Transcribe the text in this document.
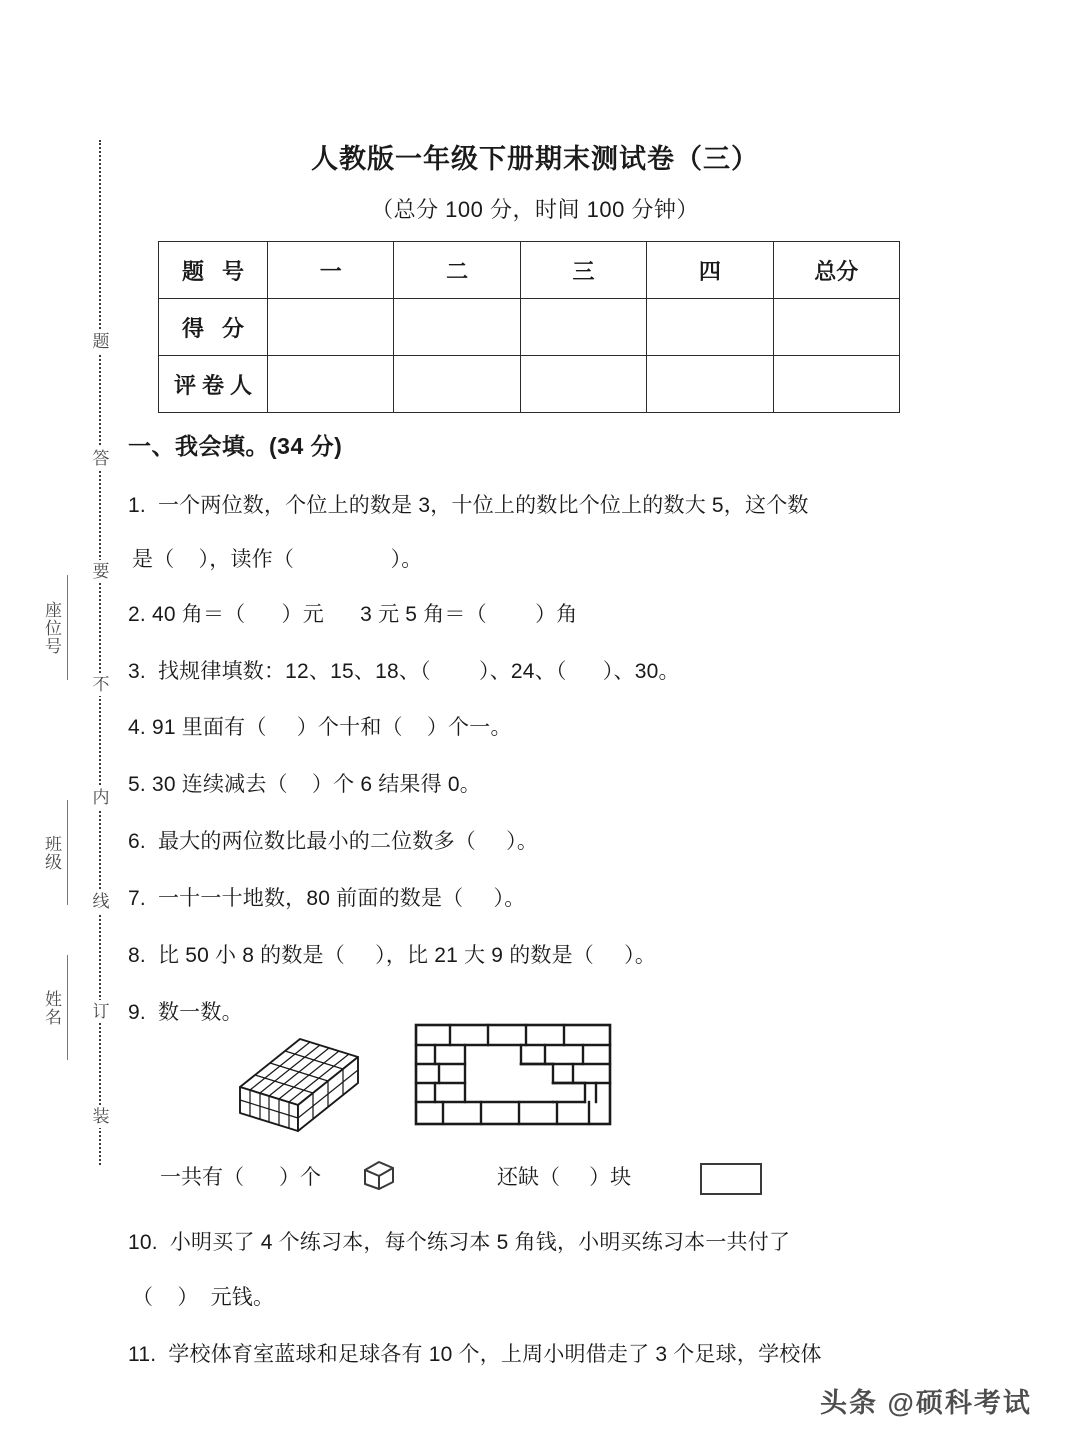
题
答
要
不
内
线
订
装
座位号
班级
姓名
人教版一年级下册期末测试卷（三）
（总分 100 分，时间 100 分钟）
题 号	一	二	三	四	总分
得 分					
评卷人					
一、我会填。(34 分)
1.  一个两位数，个位上的数是 3，十位上的数比个位上的数大 5，这个数
是（    ），读作（                ）。
2. 40 角＝（      ）元      3 元 5 角＝（        ）角
3.  找规律填数：12、15、18、（        ）、24、（      ）、30。
4. 91 里面有（     ）个十和（    ）个一。
5. 30 连续减去（    ）个 6 结果得 0。
6.  最大的两位数比最小的二位数多（     ）。
7.  一十一十地数，80 前面的数是（     ）。
8.  比 50 小 8 的数是（     ），比 21 大 9 的数是（     ）。
9.  数一数。
一共有（      ）个	还缺（     ）块
10.  小明买了 4 个练习本，每个练习本 5 角钱，小明买练习本一共付了
（    ）  元钱。
11.  学校体育室蓝球和足球各有 10 个，上周小明借走了 3 个足球，学校体
头条 @硕科考试
